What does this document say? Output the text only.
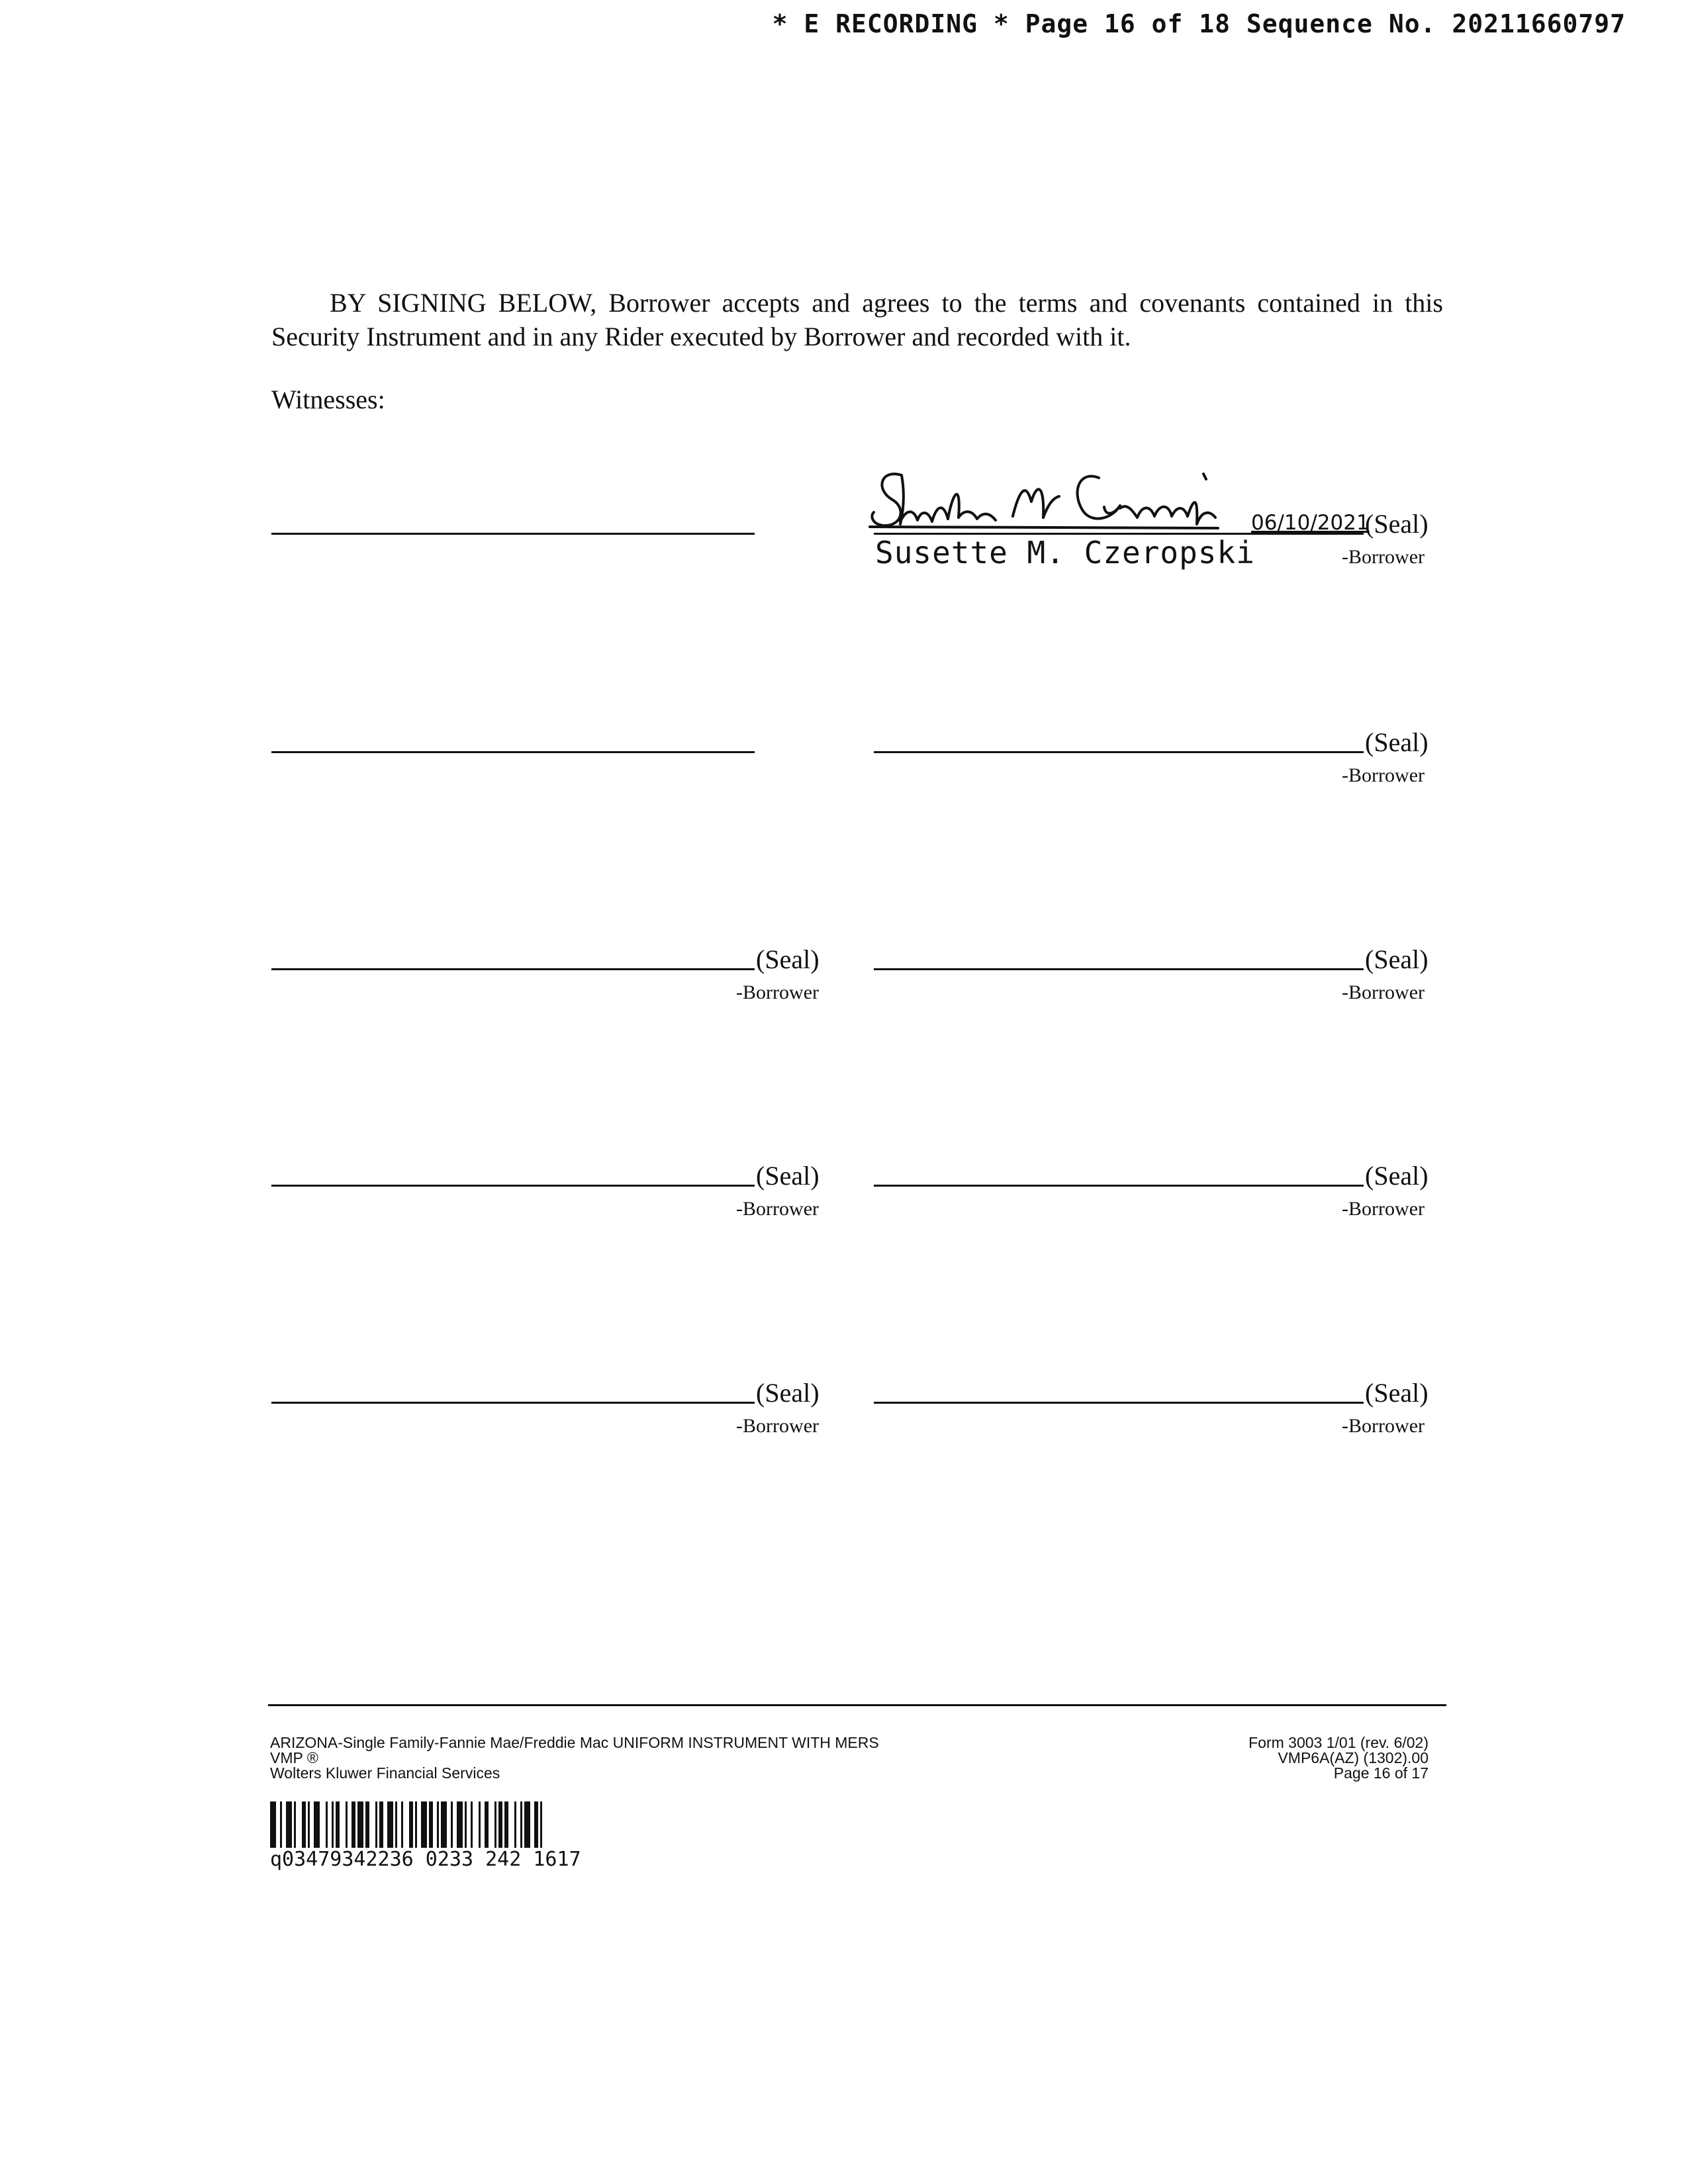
* E RECORDING * Page 16 of 18 Sequence No. 20211660797

BY SIGNING BELOW, Borrower accepts and agrees to the terms and covenants contained in this Security Instrument and in any Rider executed by Borrower and recorded with it.

Witnesses:
06/10/2021
(Seal)
Susette M. Czeropski	-Borrower
(Seal)
-Borrower
(Seal)
-Borrower
(Seal)
-Borrower
(Seal)
-Borrower
(Seal)
-Borrower
(Seal)
-Borrower
(Seal)
-Borrower
ARIZONA-Single Family-Fannie Mae/Freddie Mac UNIFORM INSTRUMENT WITH MERS
VMP ®
Wolters Kluwer Financial Services
Form 3003 1/01 (rev. 6/02)
VMP6A(AZ) (1302).00
Page 16 of 17
q03479342236 0233 242 1617
